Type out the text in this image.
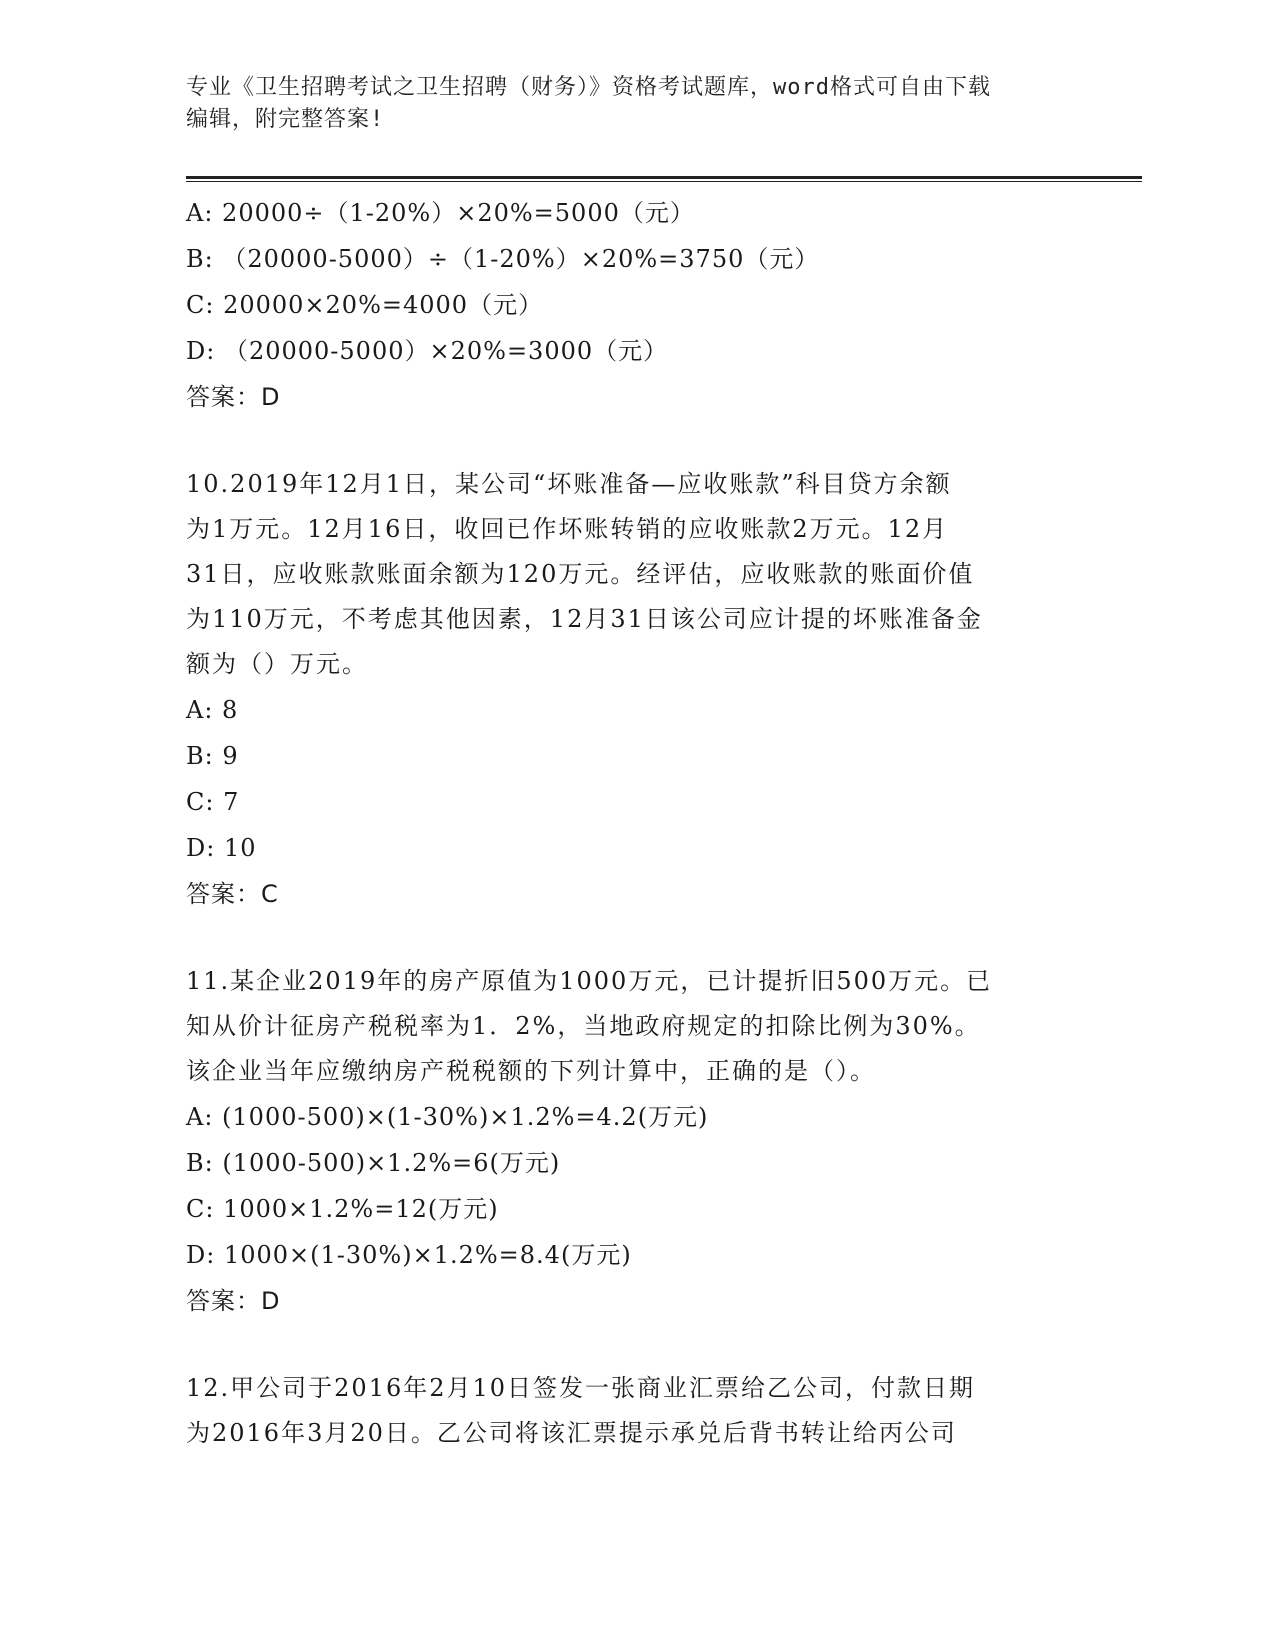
专业《卫生招聘考试之卫生招聘（财务）》资格考试题库，word格式可自由下载
编辑，附完整答案!
A: 20000÷（1-20%）×20%=5000（元）
B: （20000-5000）÷（1-20%）×20%=3750（元）
C: 20000×20%=4000（元）
D: （20000-5000）×20%=3000（元）
答案：D
10.2019年12月1日，某公司“坏账准备—应收账款”科目贷方余额
为1万元。12月16日，收回已作坏账转销的应收账款2万元。12月
31日，应收账款账面余额为120万元。经评估，应收账款的账面价值
为110万元，不考虑其他因素，12月31日该公司应计提的坏账准备金
额为（）万元。
A: 8
B: 9
C: 7
D: 10
答案：C
11.某企业2019年的房产原值为1000万元，已计提折旧500万元。已
知从价计征房产税税率为1．2%，当地政府规定的扣除比例为30%。
该企业当年应缴纳房产税税额的下列计算中，正确的是（）。
A: (1000-500)×(1-30%)×1.2%=4.2(万元)
B: (1000-500)×1.2%=6(万元)
C: 1000×1.2%=12(万元)
D: 1000×(1-30%)×1.2%=8.4(万元)
答案：D
12.甲公司于2016年2月10日签发一张商业汇票给乙公司，付款日期
为2016年3月20日。乙公司将该汇票提示承兑后背书转让给丙公司
